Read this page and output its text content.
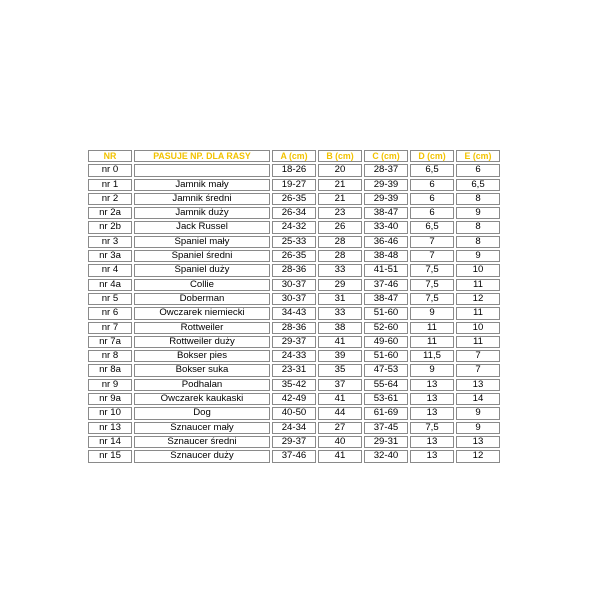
NR	PASUJE NP. DLA RASY	A (cm)	B (cm)	C (cm)	D (cm)	E (cm)
nr 0		18-26	20	28-37	6,5	6
nr 1	Jamnik mały	19-27	21	29-39	6	6,5
nr 2	Jamnik średni	26-35	21	29-39	6	8
nr 2a	Jamnik duży	26-34	23	38-47	6	9
nr 2b	Jack Russel	24-32	26	33-40	6,5	8
nr 3	Spaniel mały	25-33	28	36-46	7	8
nr 3a	Spaniel średni	26-35	28	38-48	7	9
nr 4	Spaniel duży	28-36	33	41-51	7,5	10
nr 4a	Collie	30-37	29	37-46	7,5	11
nr 5	Doberman	30-37	31	38-47	7,5	12
nr 6	Owczarek niemiecki	34-43	33	51-60	9	11
nr 7	Rottweiler	28-36	38	52-60	11	10
nr 7a	Rottweiler duży	29-37	41	49-60	11	11
nr 8	Bokser pies	24-33	39	51-60	11,5	7
nr 8a	Bokser suka	23-31	35	47-53	9	7
nr 9	Podhalan	35-42	37	55-64	13	13
nr 9a	Owczarek kaukaski	42-49	41	53-61	13	14
nr 10	Dog	40-50	44	61-69	13	9
nr 13	Sznaucer mały	24-34	27	37-45	7,5	9
nr 14	Sznaucer średni	29-37	40	29-31	13	13
nr 15	Sznaucer duży	37-46	41	32-40	13	12
